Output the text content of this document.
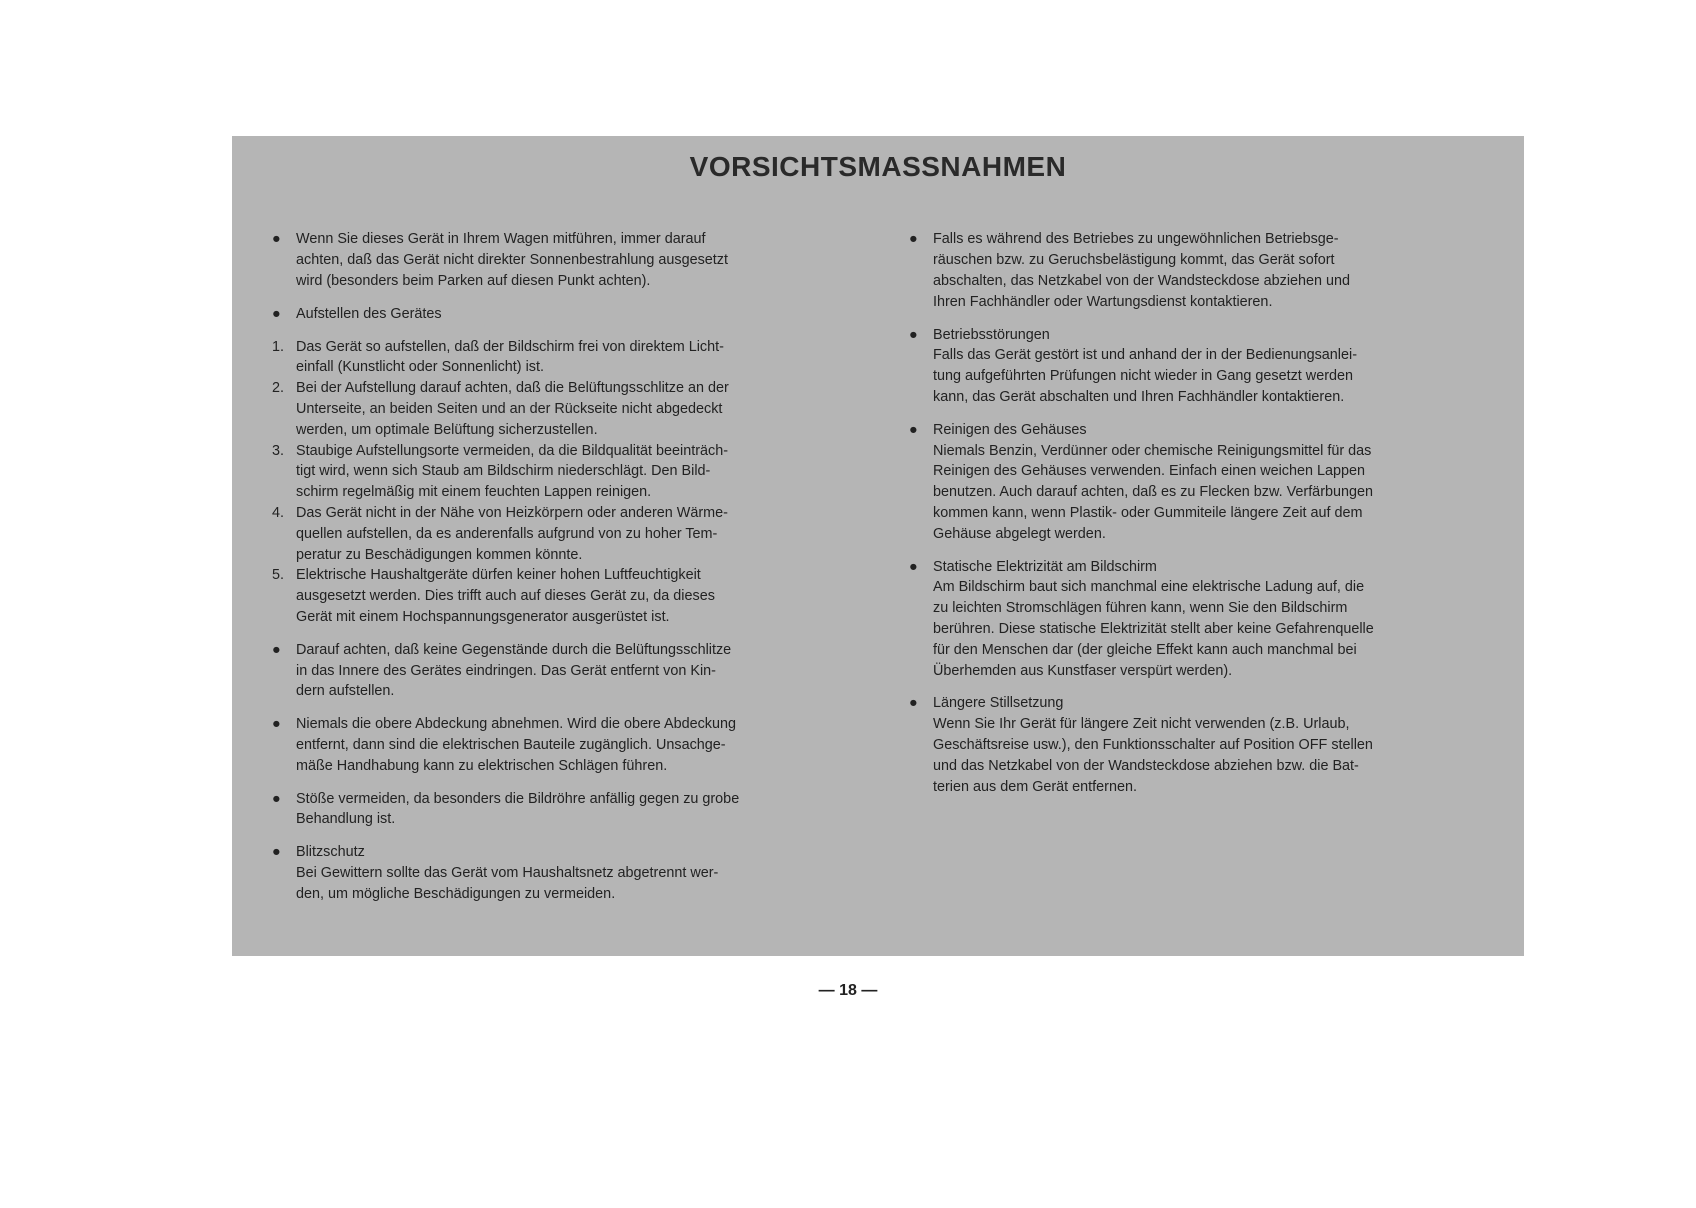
VORSICHTSMASSNAHMEN
●	Wenn Sie dieses Gerät in Ihrem Wagen mitführen, immer darauf
achten, daß das Gerät nicht direkter Sonnenbestrahlung ausgesetzt
wird (besonders beim Parken auf diesen Punkt achten).
●	Aufstellen des Gerätes
1. Das Gerät so aufstellen, daß der Bildschirm frei von direktem Licht-
einfall (Kunstlicht oder Sonnenlicht) ist.
2. Bei der Aufstellung darauf achten, daß die Belüftungsschlitze an der
Unterseite, an beiden Seiten und an der Rückseite nicht abgedeckt
werden, um optimale Belüftung sicherzustellen.
3. Staubige Aufstellungsorte vermeiden, da die Bildqualität beeinträch-
tigt wird, wenn sich Staub am Bildschirm niederschlägt. Den Bild-
schirm regelmäßig mit einem feuchten Lappen reinigen.
4. Das Gerät nicht in der Nähe von Heizkörpern oder anderen Wärme-
quellen aufstellen, da es anderenfalls aufgrund von zu hoher Tem-
peratur zu Beschädigungen kommen könnte.
5. Elektrische Haushaltgeräte dürfen keiner hohen Luftfeuchtigkeit
ausgesetzt werden. Dies trifft auch auf dieses Gerät zu, da dieses
Gerät mit einem Hochspannungsgenerator ausgerüstet ist.
●	Darauf achten, daß keine Gegenstände durch die Belüftungsschlitze
in das Innere des Gerätes eindringen. Das Gerät entfernt von Kin-
dern aufstellen.
●	Niemals die obere Abdeckung abnehmen. Wird die obere Abdeckung
entfernt, dann sind die elektrischen Bauteile zugänglich. Unsachge-
mäße Handhabung kann zu elektrischen Schlägen führen.
●	Stöße vermeiden, da besonders die Bildröhre anfällig gegen zu grobe
Behandlung ist.
●	Blitzschutz
Bei Gewittern sollte das Gerät vom Haushaltsnetz abgetrennt wer-
den, um mögliche Beschädigungen zu vermeiden.
●	Falls es während des Betriebes zu ungewöhnlichen Betriebsge-
räuschen bzw. zu Geruchsbelästigung kommt, das Gerät sofort
abschalten, das Netzkabel von der Wandsteckdose abziehen und
Ihren Fachhändler oder Wartungsdienst kontaktieren.
●	Betriebsstörungen
Falls das Gerät gestört ist und anhand der in der Bedienungsanlei-
tung aufgeführten Prüfungen nicht wieder in Gang gesetzt werden
kann, das Gerät abschalten und Ihren Fachhändler kontaktieren.
●	Reinigen des Gehäuses
Niemals Benzin, Verdünner oder chemische Reinigungsmittel für das
Reinigen des Gehäuses verwenden. Einfach einen weichen Lappen
benutzen. Auch darauf achten, daß es zu Flecken bzw. Verfärbungen
kommen kann, wenn Plastik- oder Gummiteile längere Zeit auf dem
Gehäuse abgelegt werden.
●	Statische Elektrizität am Bildschirm
Am Bildschirm baut sich manchmal eine elektrische Ladung auf, die
zu leichten Stromschlägen führen kann, wenn Sie den Bildschirm
berühren. Diese statische Elektrizität stellt aber keine Gefahrenquelle
für den Menschen dar (der gleiche Effekt kann auch manchmal bei
Überhemden aus Kunstfaser verspürt werden).
●	Längere Stillsetzung
Wenn Sie Ihr Gerät für längere Zeit nicht verwenden (z.B. Urlaub,
Geschäftsreise usw.), den Funktionsschalter auf Position OFF stellen
und das Netzkabel von der Wandsteckdose abziehen bzw. die Bat-
terien aus dem Gerät entfernen.
— 18 —
